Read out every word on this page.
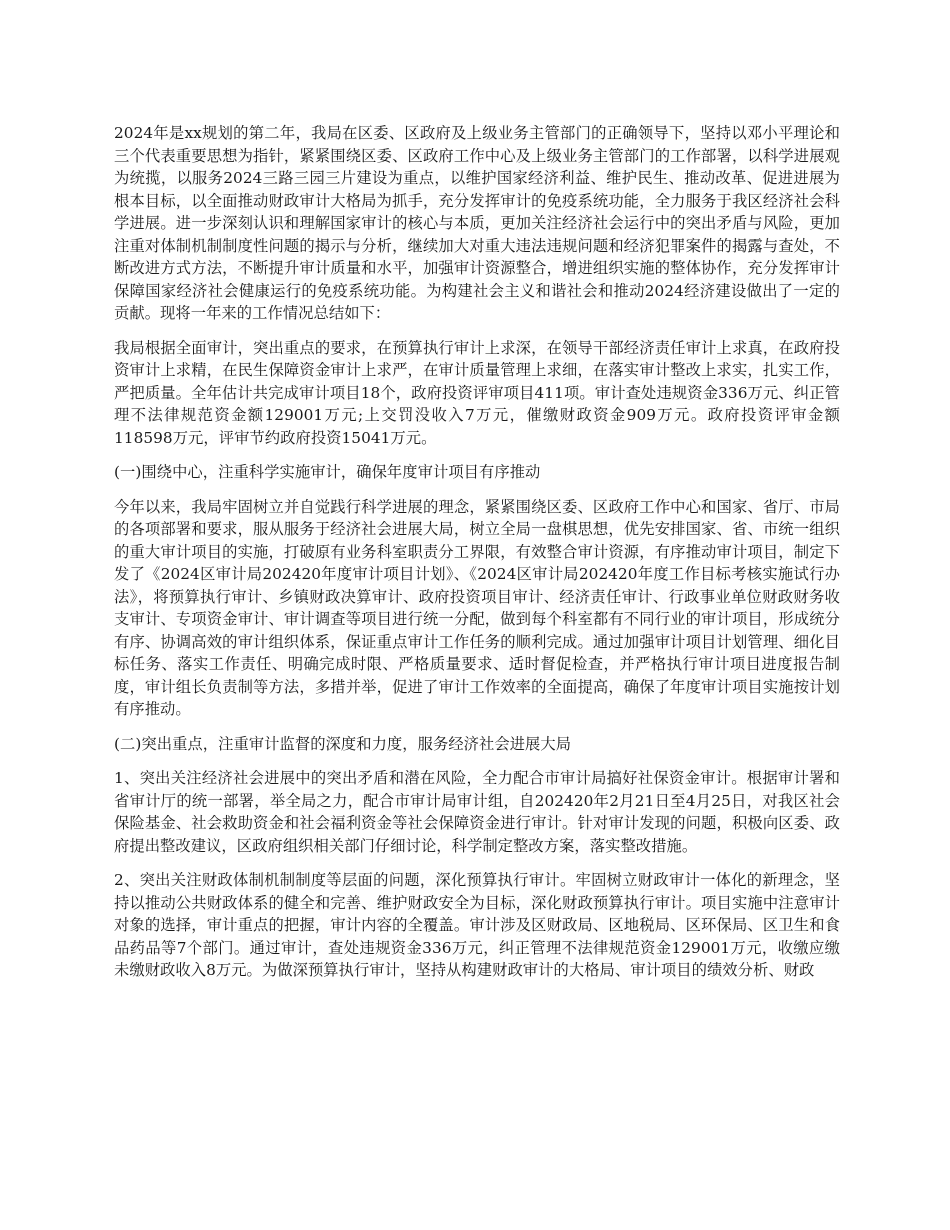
2024年是xx规划的第二年，我局在区委、区政府及上级业务主管部门的正确领导下，坚持以邓小平理论和三个代表重要思想为指针，紧紧围绕区委、区政府工作中心及上级业务主管部门的工作部署，以科学进展观为统揽，以服务2024三路三园三片建设为重点，以维护国家经济利益、维护民生、推动改革、促进进展为根本目标，以全面推动财政审计大格局为抓手，充分发挥审计的免疫系统功能，全力服务于我区经济社会科学进展。进一步深刻认识和理解国家审计的核心与本质，更加关注经济社会运行中的突出矛盾与风险，更加注重对体制机制制度性问题的揭示与分析，继续加大对重大违法违规问题和经济犯罪案件的揭露与查处，不断改进方式方法，不断提升审计质量和水平，加强审计资源整合，增进组织实施的整体协作，充分发挥审计保障国家经济社会健康运行的免疫系统功能。为构建社会主义和谐社会和推动2024经济建设做出了一定的贡献。现将一年来的工作情况总结如下：

我局根据全面审计，突出重点的要求，在预算执行审计上求深，在领导干部经济责任审计上求真，在政府投资审计上求精，在民生保障资金审计上求严，在审计质量管理上求细，在落实审计整改上求实，扎实工作，严把质量。全年估计共完成审计项目18个，政府投资评审项目411项。审计查处违规资金336万元、纠正管理不法律规范资金额129001万元;上交罚没收入7万元，催缴财政资金909万元。政府投资评审金额118598万元，评审节约政府投资15041万元。

(一)围绕中心，注重科学实施审计，确保年度审计项目有序推动

今年以来，我局牢固树立并自觉践行科学进展的理念，紧紧围绕区委、区政府工作中心和国家、省厅、市局的各项部署和要求，服从服务于经济社会进展大局，树立全局一盘棋思想，优先安排国家、省、市统一组织的重大审计项目的实施，打破原有业务科室职责分工界限，有效整合审计资源，有序推动审计项目，制定下发了《2024区审计局202420年度审计项目计划》、《2024区审计局202420年度工作目标考核实施试行办法》，将预算执行审计、乡镇财政决算审计、政府投资项目审计、经济责任审计、行政事业单位财政财务收支审计、专项资金审计、审计调查等项目进行统一分配，做到每个科室都有不同行业的审计项目，形成统分有序、协调高效的审计组织体系，保证重点审计工作任务的顺利完成。通过加强审计项目计划管理、细化目标任务、落实工作责任、明确完成时限、严格质量要求、适时督促检查，并严格执行审计项目进度报告制度，审计组长负责制等方法，多措并举，促进了审计工作效率的全面提高，确保了年度审计项目实施按计划有序推动。

(二)突出重点，注重审计监督的深度和力度，服务经济社会进展大局

1、突出关注经济社会进展中的突出矛盾和潜在风险，全力配合市审计局搞好社保资金审计。根据审计署和省审计厅的统一部署，举全局之力，配合市审计局审计组，自202420年2月21日至4月25日，对我区社会保险基金、社会救助资金和社会福利资金等社会保障资金进行审计。针对审计发现的问题，积极向区委、政府提出整改建议，区政府组织相关部门仔细讨论，科学制定整改方案，落实整改措施。

2、突出关注财政体制机制制度等层面的问题，深化预算执行审计。牢固树立财政审计一体化的新理念，坚持以推动公共财政体系的健全和完善、维护财政安全为目标，深化财政预算执行审计。项目实施中注意审计对象的选择，审计重点的把握，审计内容的全覆盖。审计涉及区财政局、区地税局、区环保局、区卫生和食品药品等7个部门。通过审计，查处违规资金336万元，纠正管理不法律规范资金129001万元，收缴应缴未缴财政收入8万元。为做深预算执行审计，坚持从构建财政审计的大格局、审计项目的绩效分析、财政
